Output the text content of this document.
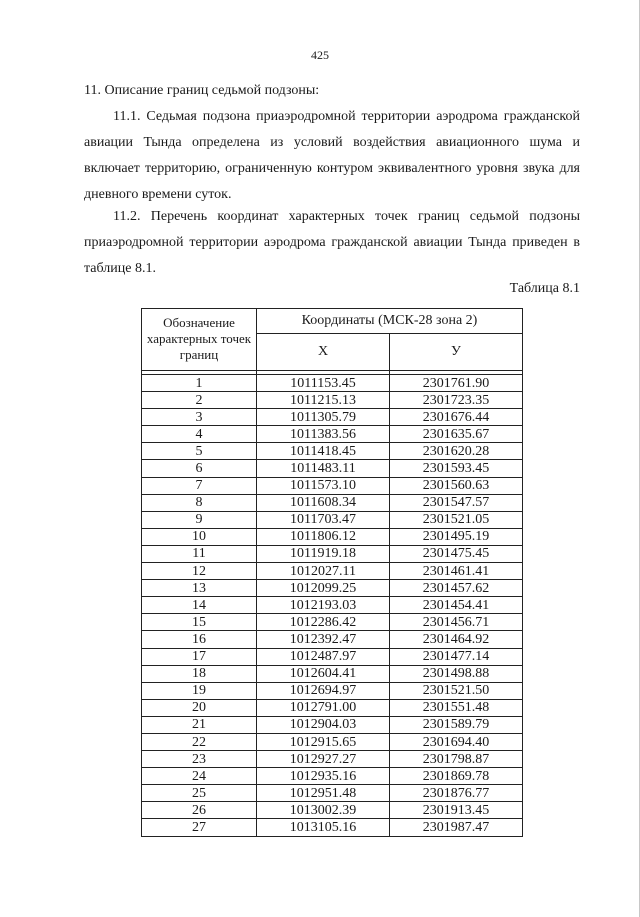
425
11. Описание границ седьмой подзоны:
11.1. Седьмая подзона приаэродромной территории аэродрома гражданской авиации Тында определена из условий воздействия авиационного шума и включает территорию, ограниченную контуром эквивалентного уровня звука для дневного времени суток.
11.2. Перечень координат характерных точек границ седьмой подзоны приаэродромной территории аэродрома гражданской авиации Тында приведен в таблице 8.1.
Таблица 8.1
Обозначение характерных точек границ	Координаты (МСК-28 зона 2)	
	X	У

1	1011153.45	2301761.90
2	1011215.13	2301723.35
3	1011305.79	2301676.44
4	1011383.56	2301635.67
5	1011418.45	2301620.28
6	1011483.11	2301593.45
7	1011573.10	2301560.63
8	1011608.34	2301547.57
9	1011703.47	2301521.05
10	1011806.12	2301495.19
11	1011919.18	2301475.45
12	1012027.11	2301461.41
13	1012099.25	2301457.62
14	1012193.03	2301454.41
15	1012286.42	2301456.71
16	1012392.47	2301464.92
17	1012487.97	2301477.14
18	1012604.41	2301498.88
19	1012694.97	2301521.50
20	1012791.00	2301551.48
21	1012904.03	2301589.79
22	1012915.65	2301694.40
23	1012927.27	2301798.87
24	1012935.16	2301869.78
25	1012951.48	2301876.77
26	1013002.39	2301913.45
27	1013105.16	2301987.47
